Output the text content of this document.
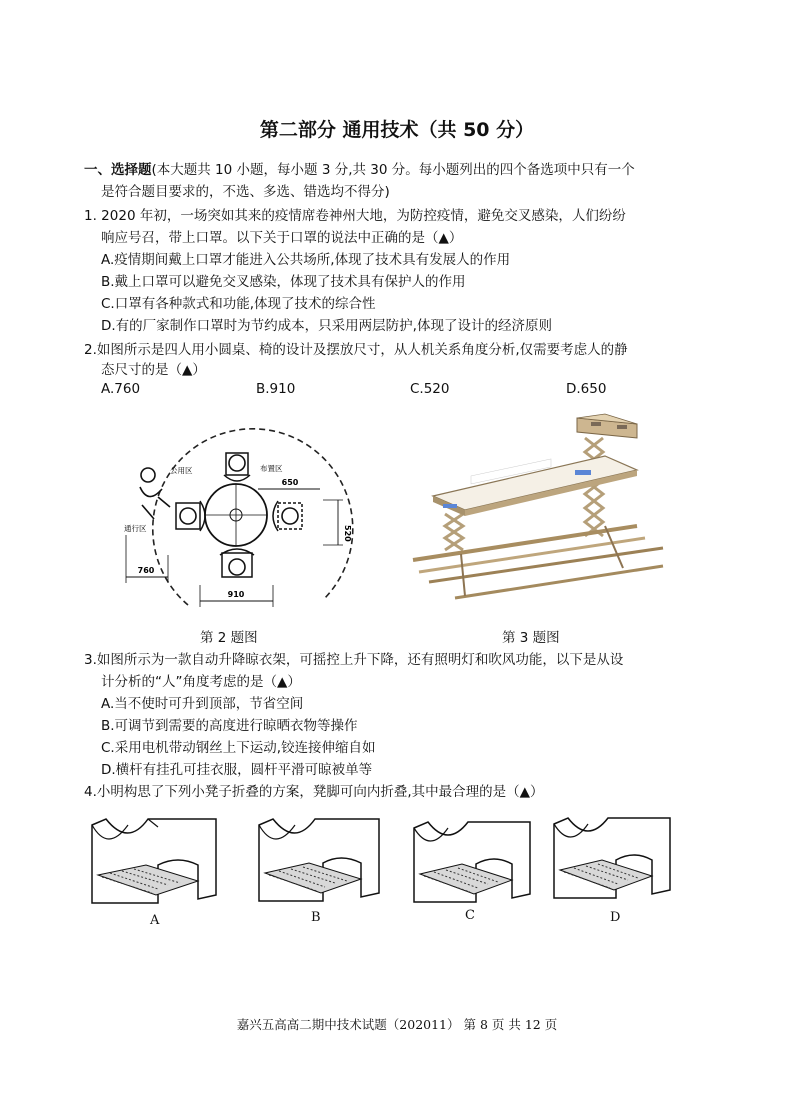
第二部分 通用技术（共 50 分）
一、选择题(本大题共 10 小题，每小题 3 分,共 30 分。每小题列出的四个备选项中只有一个
是符合题目要求的，不选、多选、错选均不得分)
1. 2020 年初，一场突如其来的疫情席卷神州大地，为防控疫情，避免交叉感染，人们纷纷
响应号召，带上口罩。以下关于口罩的说法中正确的是（▲）
A.疫情期间戴上口罩才能进入公共场所,体现了技术具有发展人的作用
B.戴上口罩可以避免交叉感染，体现了技术具有保护人的作用
C.口罩有各种款式和功能,体现了技术的综合性
D.有的厂家制作口罩时为节约成本，只采用两层防护,体现了设计的经济原则
2.如图所示是四人用小圆桌、椅的设计及摆放尺寸，从人机关系角度分析,仅需要考虑人的静
态尺寸的是（▲）
A.760	B.910	C.520	D.650
650
520
760
910
公用区	布置区
通行区
第 2 题图	第 3 题图
3.如图所示为一款自动升降晾衣架，可摇控上升下降，还有照明灯和吹风功能，以下是从设
计分析的“人”角度考虑的是（▲）
A.当不使时可升到顶部，节省空间
B.可调节到需要的高度进行晾晒衣物等操作
C.采用电机带动钢丝上下运动,铰连接伸缩自如
D.横杆有挂孔可挂衣服，圆杆平滑可晾被单等
4.小明构思了下列小凳子折叠的方案，凳脚可向内折叠,其中最合理的是（▲）
A	B	C	D
嘉兴五高高二期中技术试题（202011） 第 8 页 共 12 页
